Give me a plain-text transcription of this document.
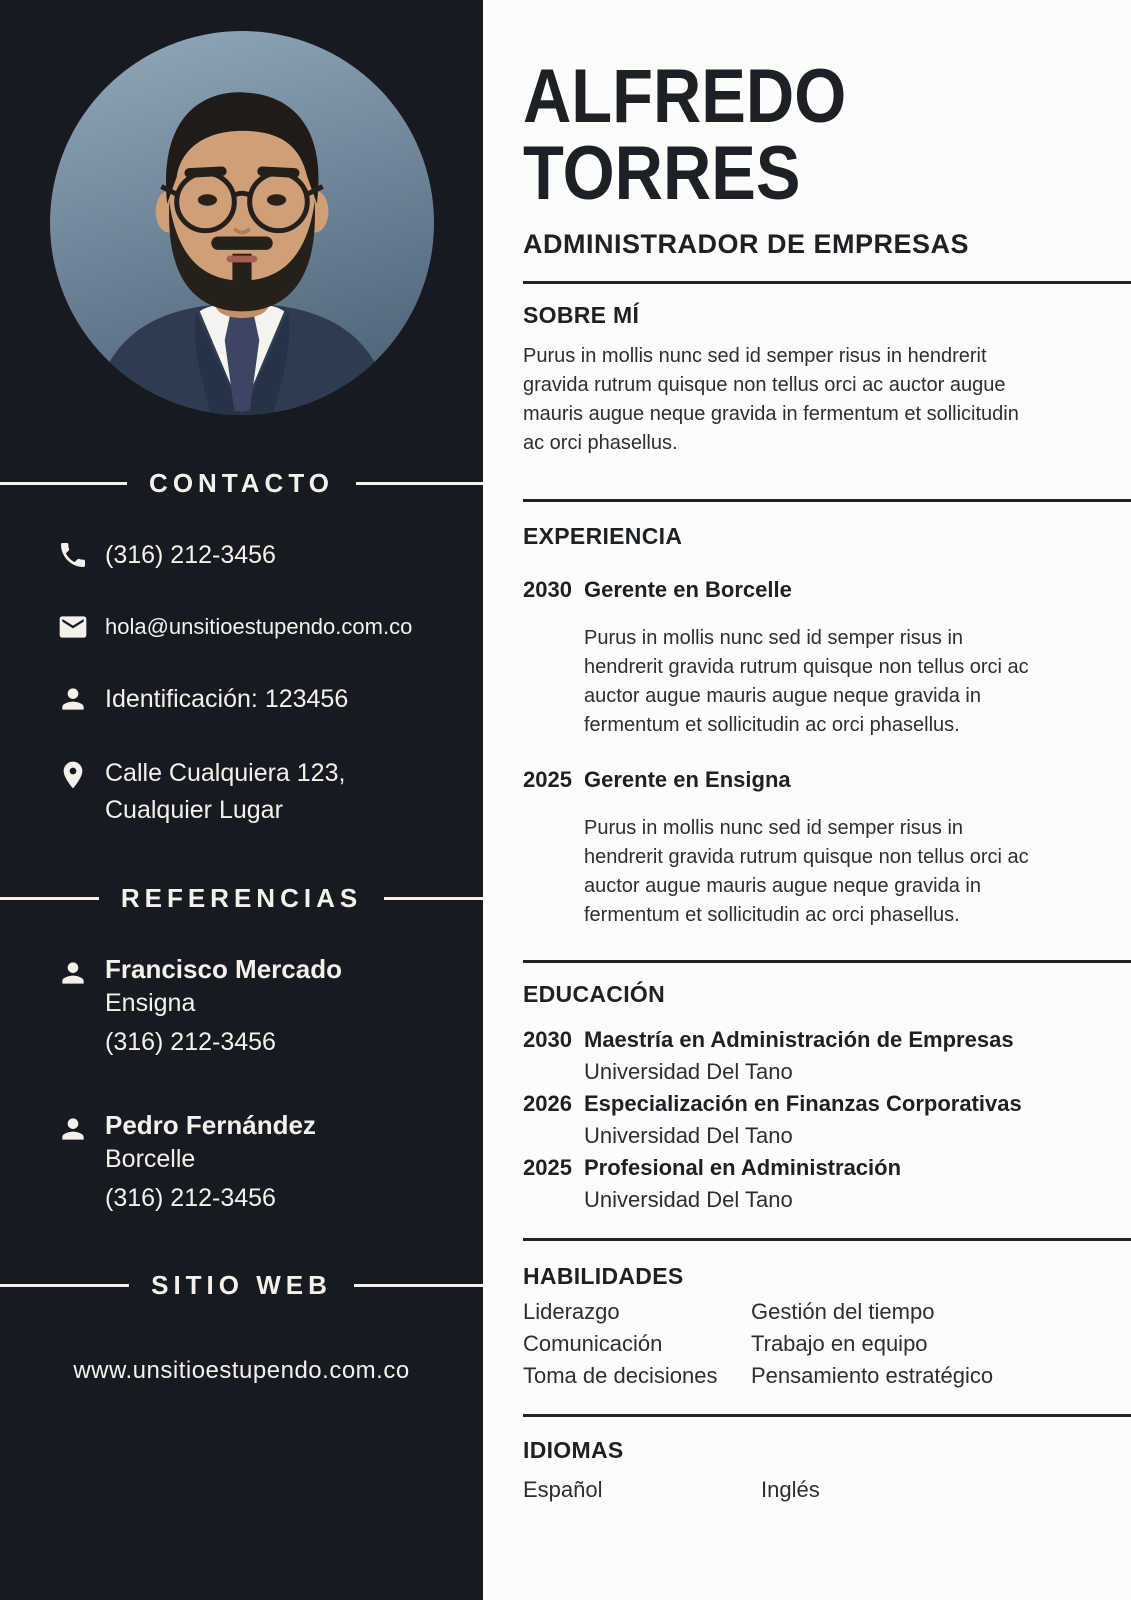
CONTACTO
(316) 212-3456
hola@unsitioestupendo.com.co
Identificación: 123456
Calle Cualquiera 123,
Cualquier Lugar
REFERENCIAS
Francisco Mercado
Ensigna
(316) 212-3456
Pedro Fernández
Borcelle
(316) 212-3456
SITIO WEB
www.unsitioestupendo.com.co
ALFREDO
TORRES
ADMINISTRADOR DE EMPRESAS
SOBRE MÍ

Purus in mollis nunc sed id semper risus in hendrerit gravida rutrum quisque non tellus orci ac auctor augue mauris augue neque gravida in fermentum et sollicitudin ac orci phasellus.

EXPERIENCIA
2030 Gerente en Borcelle

Purus in mollis nunc sed id semper risus in hendrerit gravida rutrum quisque non tellus orci ac auctor augue mauris augue neque gravida in fermentum et sollicitudin ac orci phasellus.

2025 Gerente en Ensigna

Purus in mollis nunc sed id semper risus in hendrerit gravida rutrum quisque non tellus orci ac auctor augue mauris augue neque gravida in fermentum et sollicitudin ac orci phasellus.

EDUCACIÓN
2030 Maestría en Administración de Empresas
Universidad Del Tano
2026 Especialización en Finanzas Corporativas
Universidad Del Tano
2025 Profesional en Administración
Universidad Del Tano
HABILIDADES
Liderazgo	Gestión del tiempo
Comunicación	Trabajo en equipo
Toma de decisiones	Pensamiento estratégico
IDIOMAS
Español	Inglés
